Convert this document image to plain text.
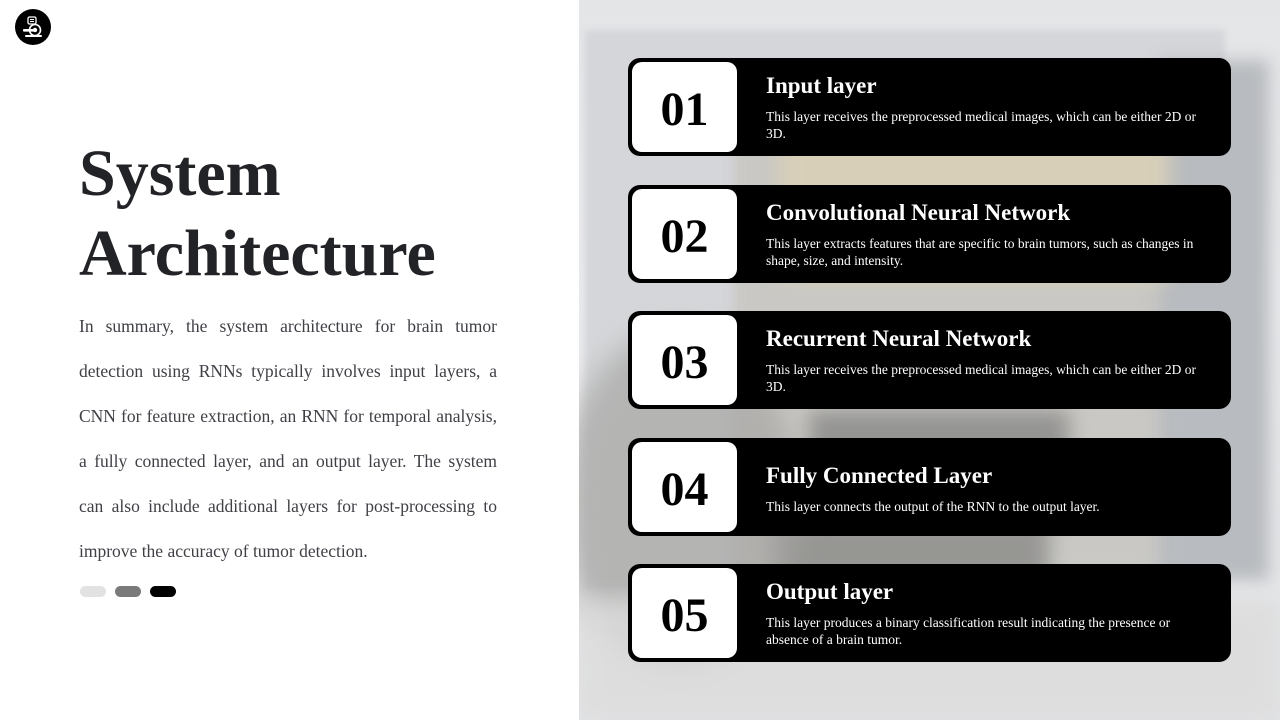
System
Architecture

In summary, the system architecture for brain tumor detection using RNNs typically involves input layers, a CNN for feature extraction, an RNN for temporal analysis, a fully connected layer, and an output layer. The system can also include additional layers for post-processing to improve the accuracy of tumor detection.

01	Input layer

This layer receives the preprocessed medical images, which can be either 2D or 3D.

02	Convolutional Neural Network

This layer extracts features that are specific to brain tumors, such as changes in shape, size, and intensity.

03	Recurrent Neural Network

This layer receives the preprocessed medical images, which can be either 2D or 3D.

04	Fully Connected Layer

This layer connects the output of the RNN to the output layer.

05	Output layer

This layer produces a binary classification result indicating the presence or absence of a brain tumor.
